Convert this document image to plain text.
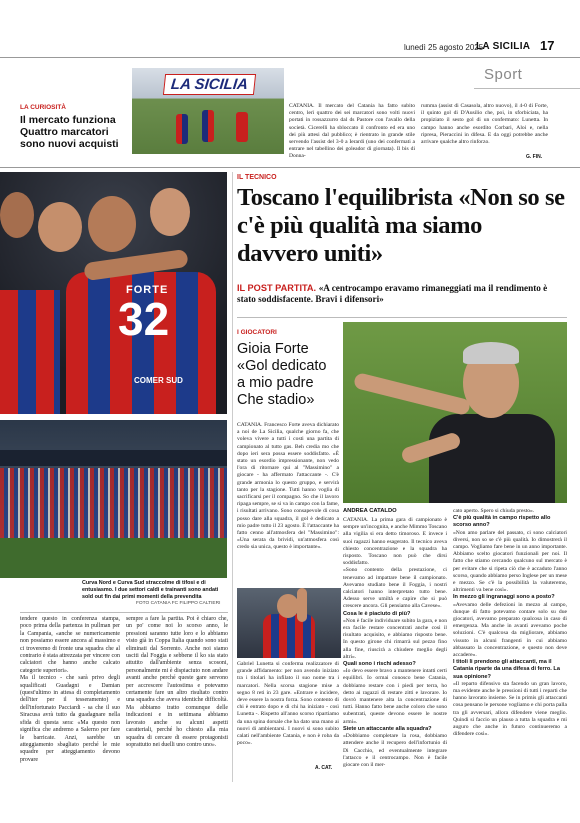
lunedì 25 agosto 2025
LA SICILIA 17
Sport
LA SICILIA
LA CURIOSITÀ
Il mercato funziona Quattro marcatori sono nuovi acquisti

CATANIA. Il mercato del Catania ha fatto subito centro, lerì quattro dei sei marcatori sono volti nuovi portati in rossazzurro dal ds Pastore con l'avallo della società. Cicerelli ha sbloccato il confronto ed era uno dei più attesi dal pubblico; è rientrato in grande stile servendo l'assist del 3-0 a Ierardi (uno dei confermati a entrare nel tabellino dei goleador di giornata). Il bis di Donna-

rumma (assist di Casasola, altro nuovo), il 4-0 di Forte, il quinto gol di D'Ausilio che, poi, in sforbiciata, ha propiziato il sesto gol di un confermato: Lunetta. In campo hanno anche esordito Corbari, Aloi e, nella ripresa, Pieraccini in difesa. E da oggi potrebbe anche arrivare qualche altro rinforzo.

G. FIN.
FORTE
32
COMER SUD
IL TECNICO
Toscano l'equilibrista «Non so se c'è più qualità ma siamo davvero uniti»
IL POST PARTITA. «A centrocampo eravamo rimaneggiati ma il rendimento è stato soddisfacente. Bravi i difensori»
I GIOCATORI
Gioia Forte «Gol dedicato a mio padre Che stadio»

CATANIA. Francesco Forte aveva dichiarato a noi de La Sicilia, qualche giorno fa, che voleva vivere a tutti i costi una partita di campionato al tutto gas. Beh credia mo che dopo ieri sera possa essere soddisfatto. «È stato un esordio impressionante, non vedo l'ora di ritornare qui al "Massimino" a giocare - ha affermato l'attaccante -. C'è grande armonia lo questo gruppo, e servirà tanto per la stagione. Tutti hanno voglia di sacrificarsi per il compagno. So che il lavoro ripaga sempre, se si va in campo con la fame, i risultati arrivano. Sono consapevole di cosa posso dare alla squadra, il gol è dedicato a mio padre tutto il 23 agosto. È l'attaccante ha fatto cenno all'atmosfera del "Massimino": «Una serata da brividi, un'atmosfera così credo sia unica, questo è importante».

Curva Nord e Curva Sud straccolme di tifosi e di entusiasmo. I due settori caldi e trainanti sono andati sold out fin dai primi momenti della prevendita
FOTO CATANIA FC FILIPPO CALTIERI

Gabriel Lunetta si conferma realizzatore di grande affidamento: per non avendo iniziato tra i titolari ha infilato il suo nome tra i marcatori. Nella scorsa stagione mise a segno 8 reti in 23 gare. «Entrare e incidere, deve essere la nostra forza. Sono contento di chi è entrato dopo e di chi ha iniziato - così Lunetta -. Rispetto all'anno scorso ripartiamo da una spina dorsale che ha dato una mano ai nuovi di ambientarsi. I nuovi si sono subito calati nell'ambiente Catania, e non è roba da poco».

A. CAT.
ANDREA CATALDO

CATANIA. La prima gara di campionato è sempre un'incognita, e anche Mimmo Toscano alla vigilia si era detto timoroso. E invece i suoi ragazzi hanno esagerato. Il tecnico aveva chiesto concentrazione e la squadra ha risposto. Toscano non può che dirsi soddisfatto.
«Sono contento della prestazione, ci tenevamo ad impattare bene il campionato. Avevamo studiato bene il Foggia, i nostri calciatori hanno interpretato tutto bene. Adesso serve umiltà e capire che si può crescere ancora. Gli pensiamo alla Cavese».

Cosa le è piaciuto di più?

«Non è facile individuare subito la gara, e non era facile restare concentrati anche così il risultato acquisito, e abbiamo risposto bene. In questo girone chi rimarrà sul pezzo fino alla fine, riuscirà a chiudere meglio degli altri».

Quali sono i rischi adesso?

«Io devo essere bravo a mantenere intatti certi equilibri. Io ormai conosco bene Catania, dobbiamo restare con i piedi per terra, ho detto ai ragazzi di restare zitti e lavorare. Io dovrò mantenere alta la concentrazione di tutti. Hanno fatto bene anche coloro che sono subentrati, queste devono essere le nostre armi».

Siete un attaccante alla squadra?

«Dobbiamo completare la rosa, dobbiamo attendere anche il recupero dell'infortunio di Di Cacchio, ed eventualmente integrare l'attacco e il centrocampo. Non è facile giocare con il mer-

cato aperto. Spero si chiuda presto».

C'è più qualità in campo rispetto allo scorso anno?

«Non amo parlare del passato, ci sono calciatori diversi, non so se c'è più qualità. Io dimostrerà il campo. Vogliamo fare bene in un anno importante. Abbiamo scelto giocatori funzionali per noi. Il fatto che stiamo cercando qualcuno sul mercato è per evitare che si ripeta ciò che è accaduto l'anno scorso, quando abbiamo perso Inglese per un mese e mezzo. Se c'è la possibilità la valuteremo, altrimenti va bene così».

In mezzo gli ingranaggi sono a posto?

«Avevamo delle defezioni in mezzo al campo, dunque di fatto potevamo contare solo su due giocatori, avevamo preparato qualcosa in caso di emergenza. Ma anche in avanti avevamo poche soluzioni. C'è qualcosa da migliorare, abbiamo vissuto in alcuni frangenti in cui abbiamo abbassato la concentrazione, e questo non deve accadere».

I titoli li prendono gli attaccanti, ma il Catania riparte da una difesa di ferro. La sua opinione?

«Il reparto difensivo sta facendo un gran lavoro, ma evidente anche le pressioni di tutti i reparti che hanno lavorato insieme. Se in primis gli attaccanti cosa pensano le persone vogliamo e chi porta palla tra gli avversari, allora difendere viene meglio. Quindi si faccio un plauso a tutta la squadra e mi auguro che anche in futuro continueremo a difendere così».

tendere questo in conferenza stampa, poco prima della partenza in pullman per la Campania, «anche se numericamente non possiamo essere ancora al massimo e ci troveremo di fronte una squadra che al contrario è stata attrezzata per vincere con calciatori che hanno anche calcato categorie superiori».
Ma il tecnico - che sarà privo degli squalificati Guadagni e Damian (quest'ultimo in attesa di completamento dell'iter per il tesseramento) e dell'infortunato Pacciardi - sa che il suo Siracusa avrà tutto da guadagnare nella sfida di questa sera: «Ma questo non significa che andremo a Salerno per fare le barricate. Anzi, sarebbe un atteggiamento sbagliato perché le mie squadre per atteggiamento devono provare

sempre a fare la partita. Poi è chiaro che, un po' come noi lo scorso anno, le pressioni saranno tutte loro e lo abbiamo visto già in Coppa Italia quando sono stati eliminati dal Sorrento. Anche noi siamo usciti dal Foggia e sebbene il ko sia stato attutito dall'ambiente senza scosoni, personalmente mi è dispiaciuto non andare avanti anche perché queste gare servono per accrescere l'autostima e potevamo certamente fare un altro risultato contro una squadra che aveva identiche difficoltà. Ma abbiamo tratto comunque delle indicazioni e in settimana abbiamo lavorato anche su alcuni aspetti caratteriali, perché ho chiesto alla mia squadra di cercare di essere protagonisti soprattutto nei duelli uno contro uno».
